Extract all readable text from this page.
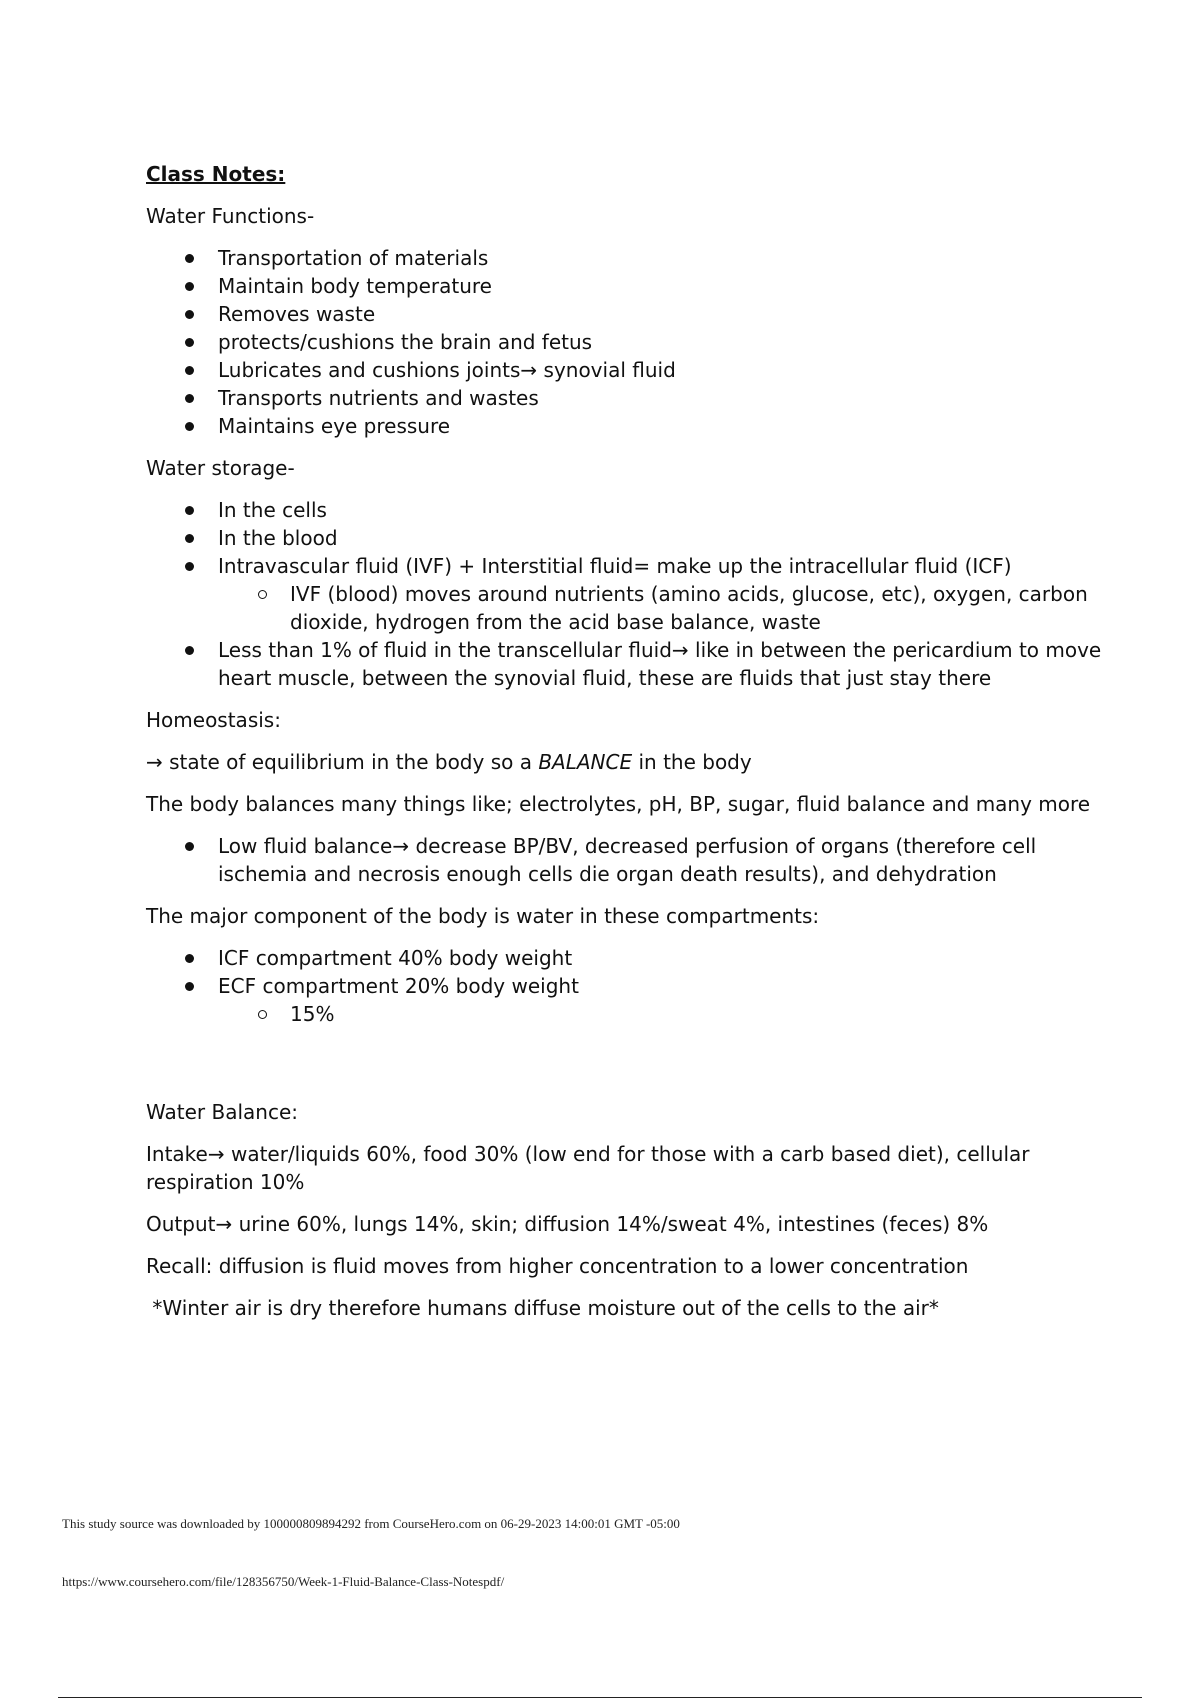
Class Notes:

Water Functions-

Transportation of materials
Maintain body temperature
Removes waste
protects/cushions the brain and fetus
Lubricates and cushions joints→ synovial fluid
Transports nutrients and wastes
Maintains eye pressure

Water storage-

In the cells
In the blood
Intravascular fluid (IVF) + Interstitial fluid= make up the intracellular fluid (ICF)
IVF (blood) moves around nutrients (amino acids, glucose, etc), oxygen, carbon dioxide, hydrogen from the acid base balance, waste
Less than 1% of fluid in the transcellular fluid→ like in between the pericardium to move heart muscle, between the synovial fluid, these are fluids that just stay there

Homeostasis:

→ state of equilibrium in the body so a BALANCE in the body

The body balances many things like; electrolytes, pH, BP, sugar, fluid balance and many more

Low fluid balance→ decrease BP/BV, decreased perfusion of organs (therefore cell ischemia and necrosis enough cells die organ death results), and dehydration

The major component of the body is water in these compartments:

ICF compartment 40% body weight
ECF compartment 20% body weight
15%

Water Balance:

Intake→ water/liquids 60%, food 30% (low end for those with a carb based diet), cellular respiration 10%

Output→ urine 60%, lungs 14%, skin; diffusion 14%/sweat 4%, intestines (feces) 8%

Recall: diffusion is fluid moves from higher concentration to a lower concentration

*Winter air is dry therefore humans diffuse moisture out of the cells to the air*

This study source was downloaded by 100000809894292 from CourseHero.com on 06-29-2023 14:00:01 GMT -05:00
https://www.coursehero.com/file/128356750/Week-1-Fluid-Balance-Class-Notespdf/
